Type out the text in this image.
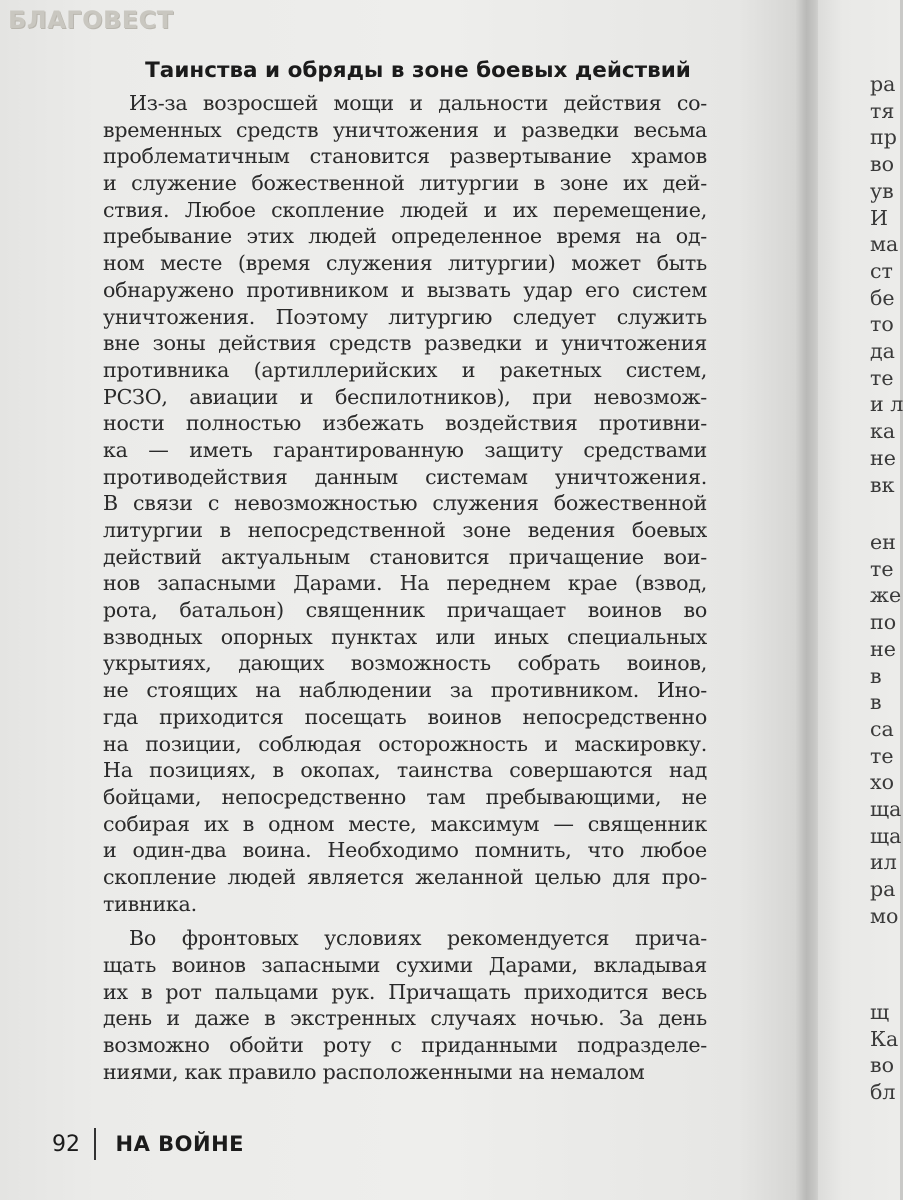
БЛАГОВЕСТ
Таинства и обряды в зоне боевых действий
Из-за возросшей мощи и дальности действия со-
временных средств уничтожения и разведки весьма
проблематичным становится развертывание храмов
и служение божественной литургии в зоне их дей-
ствия. Любое скопление людей и их перемещение,
пребывание этих людей определенное время на од-
ном месте (время служения литургии) может быть
обнаружено противником и вызвать удар его систем
уничтожения. Поэтому литургию следует служить
вне зоны действия средств разведки и уничтожения
противника (артиллерийских и ракетных систем,
РСЗО, авиации и беспилотников), при невозмож-
ности полностью избежать воздействия противни-
ка — иметь гарантированную защиту средствами
противодействия данным системам уничтожения.
В связи с невозможностью служения божественной
литургии в непосредственной зоне ведения боевых
действий актуальным становится причащение вои-
нов запасными Дарами. На переднем крае (взвод,
рота, батальон) священник причащает воинов во
взводных опорных пунктах или иных специальных
укрытиях, дающих возможность собрать воинов,
не стоящих на наблюдении за противником. Ино-
гда приходится посещать воинов непосредственно
на позиции, соблюдая осторожность и маскировку.
На позициях, в окопах, таинства совершаются над
бойцами, непосредственно там пребывающими, не
собирая их в одном месте, максимум — священник
и один-два воина. Необходимо помнить, что любое
скопление людей является желанной целью для про-
тивника.
Во фронтовых условиях рекомендуется прича-
щать воинов запасными сухими Дарами, вкладывая
их в рот пальцами рук. Причащать приходится весь
день и даже в экстренных случаях ночью. За день
возможно обойти роту с приданными подразделе-
ниями, как правило расположенными на немалом
92 НА ВОЙНЕ
ра
тя
пр
во
ув
И
ма
ст
бе
то
да
те
и л
ка
не
вк
ен
те
же
по
не
в
в
са
те
хо
ща
ща
ил
ра
мо
щ
Ка
во
бл
